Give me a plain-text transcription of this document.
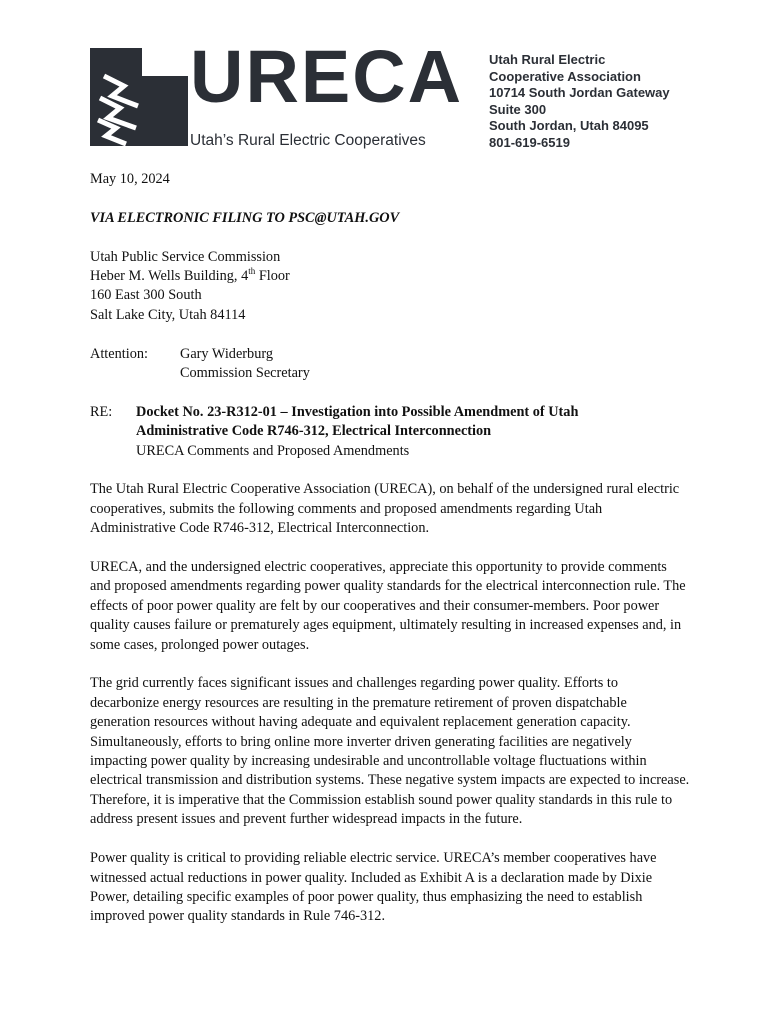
URECA
Utah’s Rural Electric Cooperatives
Utah Rural Electric
Cooperative Association
10714 South Jordan Gateway
Suite 300
South Jordan, Utah 84095
801-619-6519

May 10, 2024

VIA ELECTRONIC FILING TO PSC@UTAH.GOV

Utah Public Service Commission

Heber M. Wells Building, 4th Floor

160 East 300 South

Salt Lake City, Utah 84114

Attention:	Gary Widerburg

Commission Secretary

RE:	Docket No. 23-R312-01 – Investigation into Possible Amendment of Utah

Administrative Code R746-312, Electrical Interconnection

URECA Comments and Proposed Amendments

The Utah Rural Electric Cooperative Association (URECA), on behalf of the undersigned rural electric cooperatives, submits the following comments and proposed amendments regarding Utah Administrative Code R746-312, Electrical Interconnection.

URECA, and the undersigned electric cooperatives, appreciate this opportunity to provide comments and proposed amendments regarding power quality standards for the electrical interconnection rule. The effects of poor power quality are felt by our cooperatives and their consumer-members. Poor power quality causes failure or prematurely ages equipment, ultimately resulting in increased expenses and, in some cases, prolonged power outages.

The grid currently faces significant issues and challenges regarding power quality. Efforts to decarbonize energy resources are resulting in the premature retirement of proven dispatchable generation resources without having adequate and equivalent replacement generation capacity. Simultaneously, efforts to bring online more inverter driven generating facilities are negatively impacting power quality by increasing undesirable and uncontrollable voltage fluctuations within electrical transmission and distribution systems. These negative system impacts are expected to increase. Therefore, it is imperative that the Commission establish sound power quality standards in this rule to address present issues and prevent further widespread impacts in the future.

Power quality is critical to providing reliable electric service. URECA’s member cooperatives have witnessed actual reductions in power quality. Included as Exhibit A is a declaration made by Dixie Power, detailing specific examples of poor power quality, thus emphasizing the need to establish improved power quality standards in Rule 746-312.
